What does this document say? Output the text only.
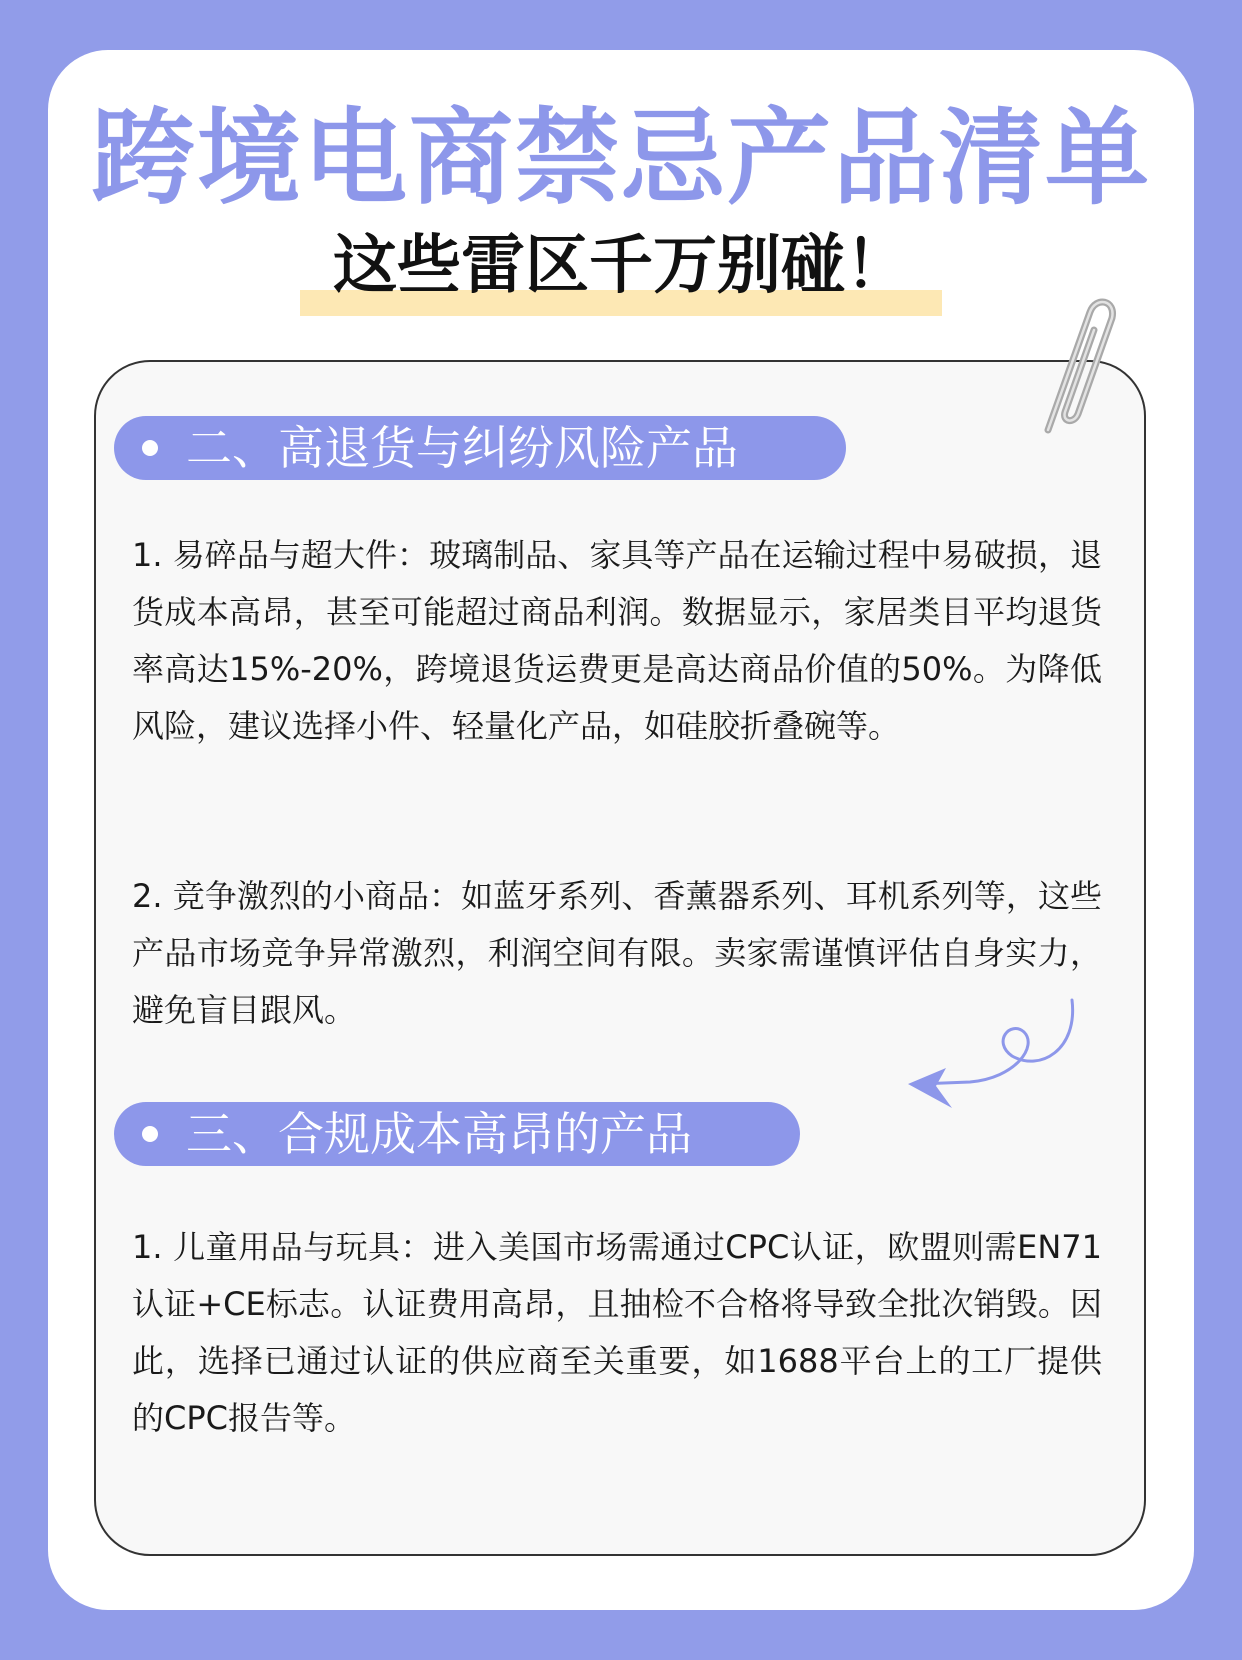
跨境电商禁忌产品清单
这些雷区千万别碰！
二、高退货与纠纷风险产品
1. 易碎品与超大件：玻璃制品、家具等产品在运输过程中易破损，退货成本高昂，甚至可能超过商品利润。数据显示，家居类目平均退货率高达15%-20%，跨境退货运费更是高达商品价值的50%。为降低风险，建议选择小件、轻量化产品，如硅胶折叠碗等。
2. 竞争激烈的小商品：如蓝牙系列、香薰器系列、耳机系列等，这些产品市场竞争异常激烈，利润空间有限。卖家需谨慎评估自身实力，避免盲目跟风。
三、合规成本高昂的产品
1. 儿童用品与玩具：进入美国市场需通过CPC认证，欧盟则需EN71认证+CE标志。认证费用高昂，且抽检不合格将导致全批次销毁。因此，选择已通过认证的供应商至关重要，如1688平台上的工厂提供的CPC报告等。
